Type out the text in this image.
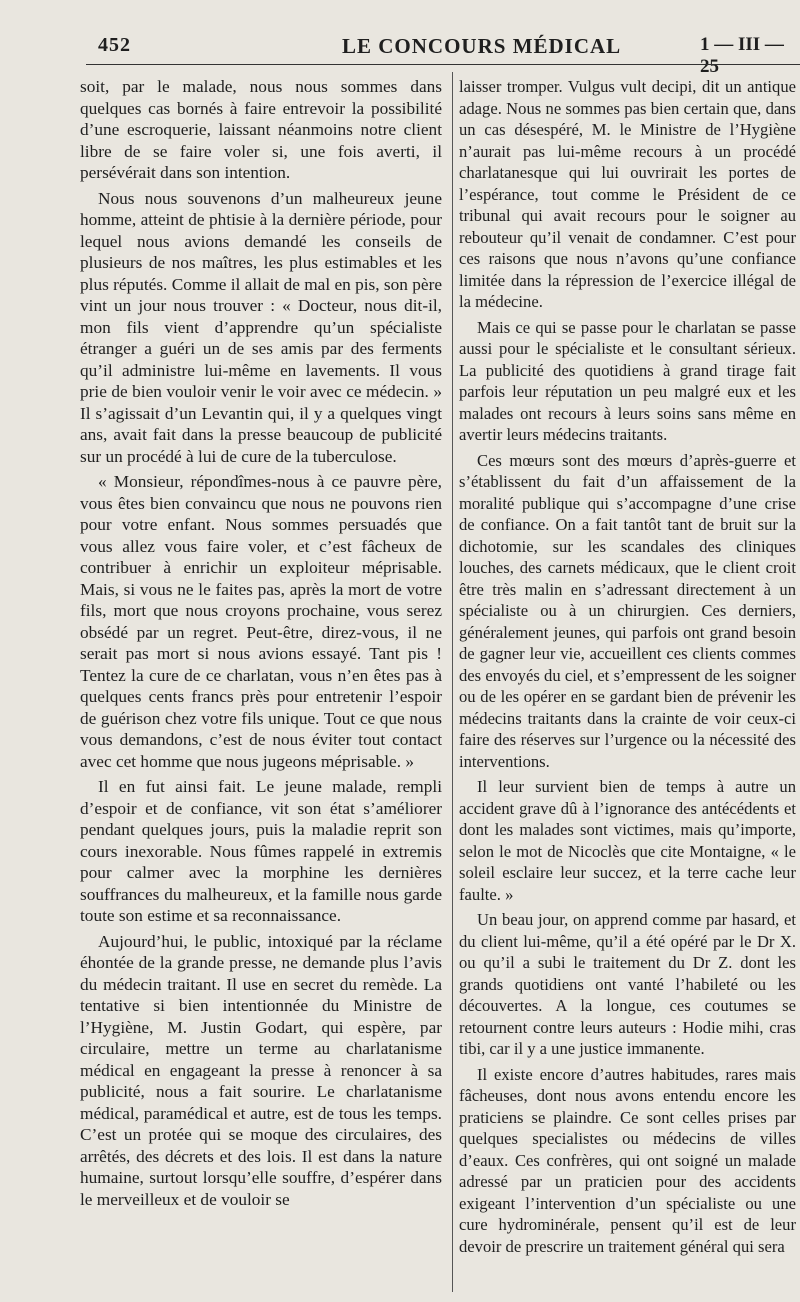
452	LE CONCOURS MÉDICAL	1 — III — 25

soit, par le malade, nous nous sommes dans quelques cas bornés à faire entrevoir la possibilité d’une escroquerie, laissant néanmoins notre client libre de se faire voler si, une fois averti, il persévérait dans son intention.

Nous nous souvenons d’un malheureux jeune homme, atteint de phtisie à la dernière période, pour lequel nous avions demandé les conseils de plusieurs de nos maîtres, les plus estimables et les plus réputés. Comme il allait de mal en pis, son père vint un jour nous trouver : « Docteur, nous dit-il, mon fils vient d’apprendre qu’un spécialiste étranger a guéri un de ses amis par des ferments qu’il administre lui-même en lavements. Il vous prie de bien vouloir venir le voir avec ce médecin. » Il s’agissait d’un Levantin qui, il y a quelques vingt ans, avait fait dans la presse beaucoup de publicité sur un procédé à lui de cure de la tuberculose.

« Monsieur, répondîmes-nous à ce pauvre père, vous êtes bien convaincu que nous ne pouvons rien pour votre enfant. Nous sommes persuadés que vous allez vous faire voler, et c’est fâcheux de contribuer à enrichir un exploiteur méprisable. Mais, si vous ne le faites pas, après la mort de votre fils, mort que nous croyons prochaine, vous serez obsédé par un regret. Peut-être, direz-vous, il ne serait pas mort si nous avions essayé. Tant pis ! Tentez la cure de ce charlatan, vous n’en êtes pas à quelques cents francs près pour entretenir l’espoir de guérison chez votre fils unique. Tout ce que nous vous demandons, c’est de nous éviter tout contact avec cet homme que nous jugeons méprisable. »

Il en fut ainsi fait. Le jeune malade, rempli d’espoir et de confiance, vit son état s’améliorer pendant quelques jours, puis la maladie reprit son cours inexorable. Nous fûmes rappelé in extremis pour calmer avec la morphine les dernières souffrances du malheureux, et la famille nous garde toute son estime et sa reconnaissance.

Aujourd’hui, le public, intoxiqué par la réclame éhontée de la grande presse, ne demande plus l’avis du médecin traitant. Il use en secret du remède. La tentative si bien intentionnée du Ministre de l’Hygiène, M. Justin Godart, qui espère, par circulaire, mettre un terme au charlatanisme médical en engageant la presse à renoncer à sa publicité, nous a fait sourire. Le charlatanisme médical, paramédical et autre, est de tous les temps. C’est un protée qui se moque des circulaires, des arrêtés, des décrets et des lois. Il est dans la nature humaine, surtout lorsqu’elle souffre, d’espérer dans le merveilleux et de vouloir se

laisser tromper. Vulgus vult decipi, dit un antique adage. Nous ne sommes pas bien certain que, dans un cas désespéré, M. le Ministre de l’Hygiène n’aurait pas lui-même recours à un procédé charlatanesque qui lui ouvrirait les portes de l’espérance, tout comme le Président de ce tribunal qui avait recours pour le soigner au rebouteur qu’il venait de condamner. C’est pour ces raisons que nous n’avons qu’une confiance limitée dans la répression de l’exercice illégal de la médecine.

Mais ce qui se passe pour le charlatan se passe aussi pour le spécialiste et le consultant sérieux. La publicité des quotidiens à grand tirage fait parfois leur réputation un peu malgré eux et les malades ont recours à leurs soins sans même en avertir leurs médecins traitants.

Ces mœurs sont des mœurs d’après-guerre et s’établissent du fait d’un affaissement de la moralité publique qui s’accompagne d’une crise de confiance. On a fait tantôt tant de bruit sur la dichotomie, sur les scandales des cliniques louches, des carnets médicaux, que le client croit être très malin en s’adressant directement à un spécialiste ou à un chirurgien. Ces derniers, généralement jeunes, qui parfois ont grand besoin de gagner leur vie, accueillent ces clients commes des envoyés du ciel, et s’empressent de les soigner ou de les opérer en se gardant bien de prévenir les médecins traitants dans la crainte de voir ceux-ci faire des réserves sur l’urgence ou la nécessité des interventions.

Il leur survient bien de temps à autre un accident grave dû à l’ignorance des antécédents et dont les malades sont victimes, mais qu’importe, selon le mot de Nicoclès que cite Montaigne, « le soleil esclaire leur succez, et la terre cache leur faulte. »

Un beau jour, on apprend comme par hasard, et du client lui-même, qu’il a été opéré par le Dr X. ou qu’il a subi le traitement du Dr Z. dont les grands quotidiens ont vanté l’habileté ou les découvertes. A la longue, ces coutumes se retournent contre leurs auteurs : Hodie mihi, cras tibi, car il y a une justice immanente.

Il existe encore d’autres habitudes, rares mais fâcheuses, dont nous avons entendu encore les praticiens se plaindre. Ce sont celles prises par quelques specialistes ou médecins de villes d’eaux. Ces confrères, qui ont soigné un malade adressé par un praticien pour des accidents exigeant l’intervention d’un spécialiste ou une cure hydrominérale, pensent qu’il est de leur devoir de prescrire un traitement général qui sera
